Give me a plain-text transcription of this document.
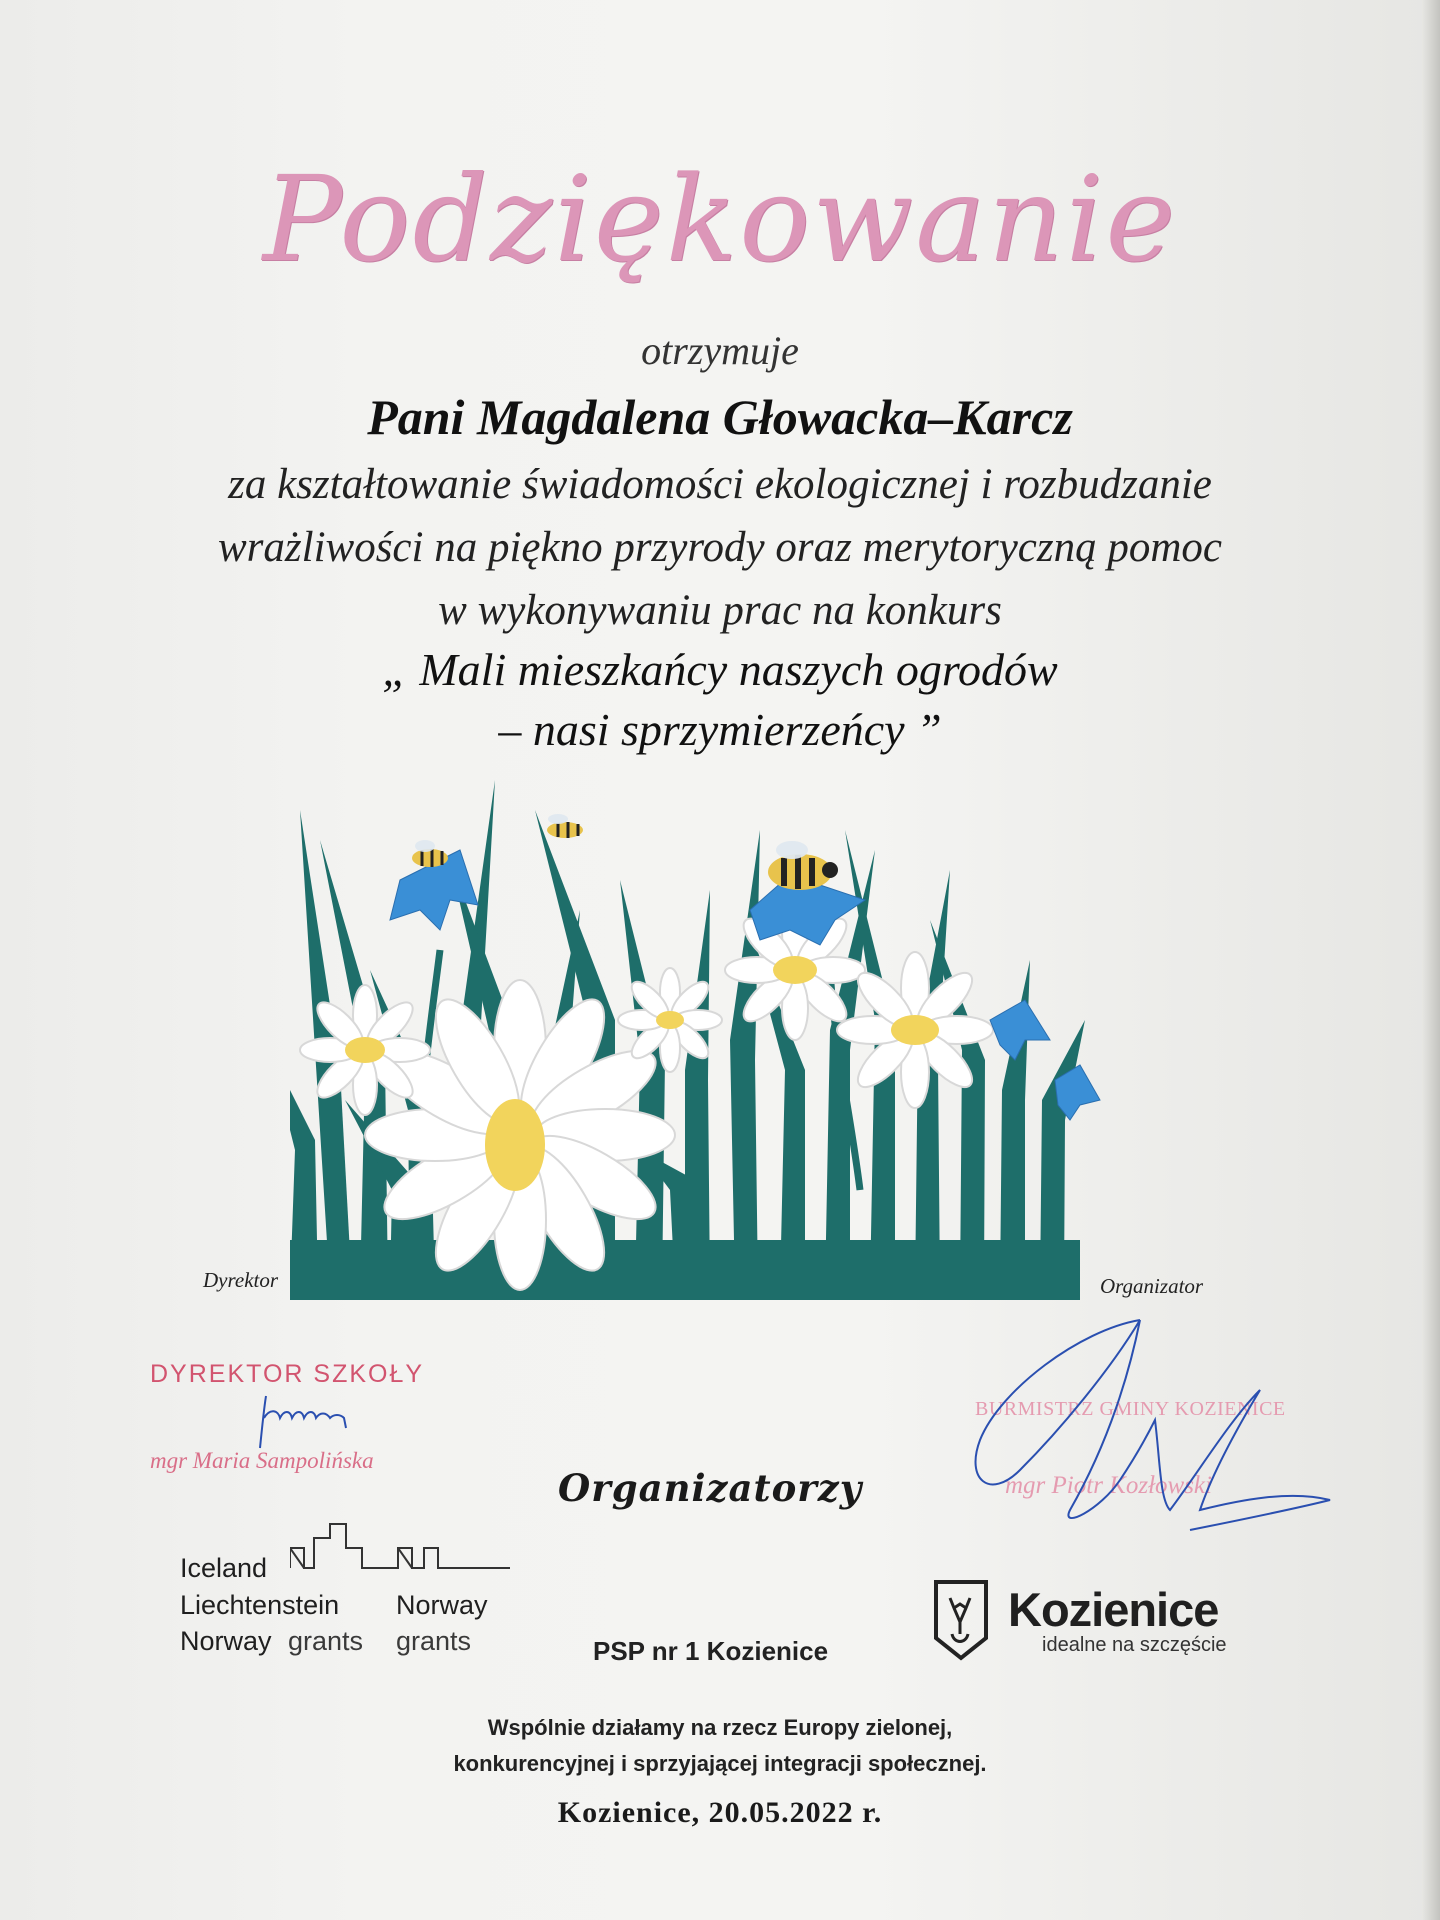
Podziękowanie
otrzymuje
Pani Magdalena Głowacka–Karcz
za kształtowanie świadomości ekologicznej i rozbudzanie
wrażliwości na piękno przyrody oraz merytoryczną pomoc
w wykonywaniu prac na konkurs
„ Mali mieszkańcy naszych ogrodów
– nasi sprzymierzeńcy ”
Dyrektor	Organizator
DYREKTOR SZKOŁY
mgr Maria Sampolińska
BURMISTRZ GMINY KOZIENICE
mgr Piotr Kozłowski
Organizatorzy
Iceland
Liechtenstein
Norway grants
Norway
grants	PSP nr 1 Kozienice
Kozienice
idealne na szczęście
Wspólnie działamy na rzecz Europy zielonej,
konkurencyjnej i sprzyjającej integracji społecznej.
Kozienice, 20.05.2022 r.
